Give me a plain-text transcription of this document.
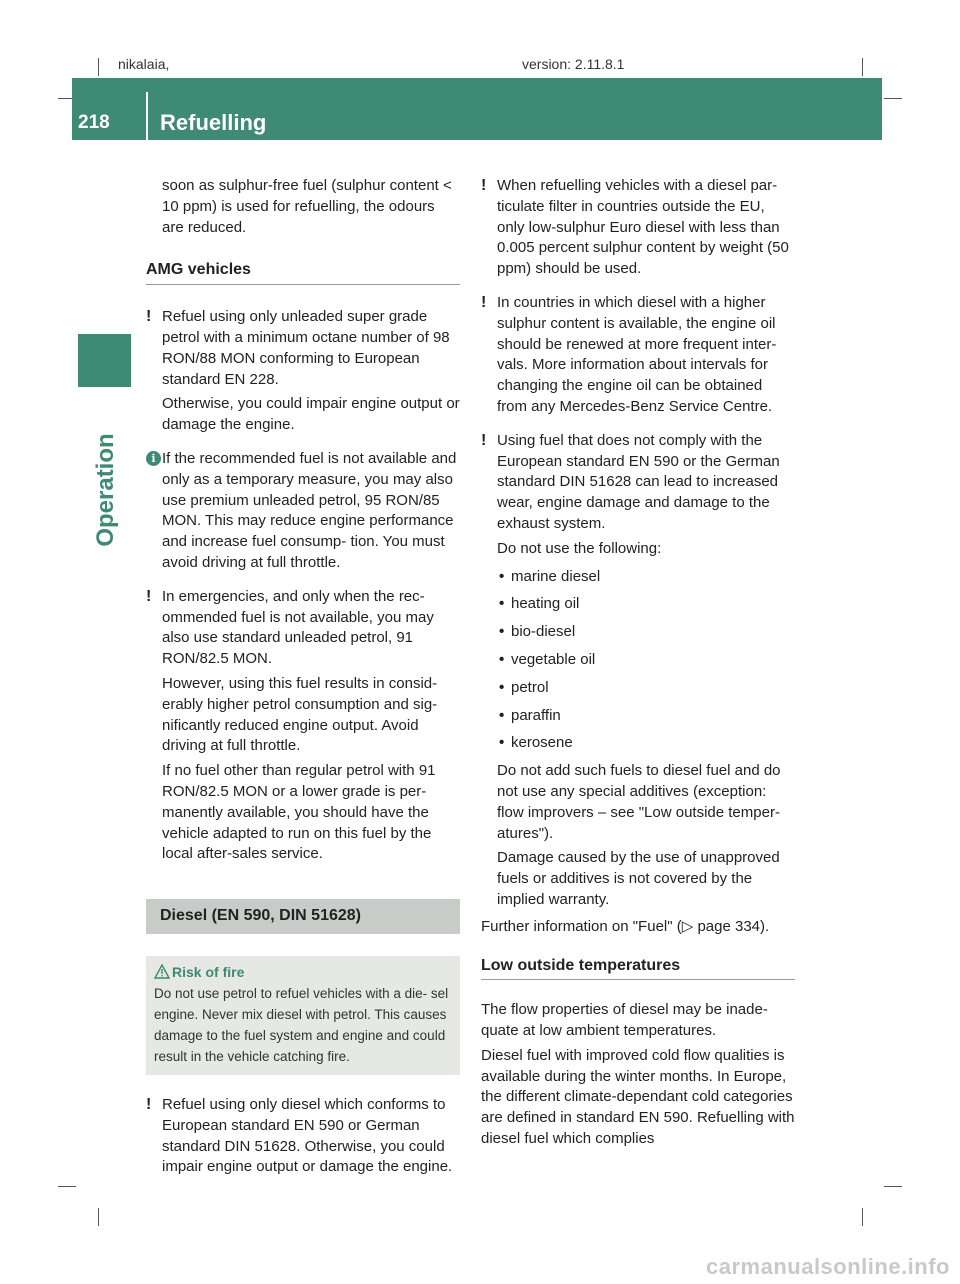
nikalaia,	version: 2.11.8.1
218	Refuelling
Operation

soon as sulphur-free fuel (sulphur content < 10 ppm) is used for refuelling, the odours are reduced.

AMG vehicles
! Refuel using only unleaded super grade petrol with a minimum octane number of 98 RON/88 MON conforming to European standard EN 228.

Otherwise, you could impair engine output or damage the engine.

i If the recommended fuel is not available and only as a temporary measure, you may also use premium unleaded petrol, 95 RON/85 MON. This may reduce engine performance and increase fuel consump- tion. You must avoid driving at full throttle.

! In emergencies, and only when the rec- ommended fuel is not available, you may also use standard unleaded petrol, 91 RON/82.5 MON.

However, using this fuel results in consid- erably higher petrol consumption and sig- nificantly reduced engine output. Avoid driving at full throttle.

If no fuel other than regular petrol with 91 RON/82.5 MON or a lower grade is per- manently available, you should have the vehicle adapted to run on this fuel by the local after-sales service.

Diesel (EN 590, DIN 51628)
Risk of fire

Do not use petrol to refuel vehicles with a die- sel engine. Never mix diesel with petrol. This causes damage to the fuel system and engine and could result in the vehicle catching fire.

! Refuel using only diesel which conforms to European standard EN 590 or German standard DIN 51628. Otherwise, you could impair engine output or damage the engine.

! When refuelling vehicles with a diesel par- ticulate filter in countries outside the EU, only low-sulphur Euro diesel with less than 0.005 percent sulphur content by weight (50 ppm) should be used.

! In countries in which diesel with a higher sulphur content is available, the engine oil should be renewed at more frequent inter- vals. More information about intervals for changing the engine oil can be obtained from any Mercedes-Benz Service Centre.

! Using fuel that does not comply with the European standard EN 590 or the German standard DIN 51628 can lead to increased wear, engine damage and damage to the exhaust system.

Do not use the following:

• marine diesel
• heating oil
• bio-diesel
• vegetable oil
• petrol
• paraffin
• kerosene

Do not add such fuels to diesel fuel and do not use any special additives (exception: flow improvers – see "Low outside temper- atures").

Damage caused by the use of unapproved fuels or additives is not covered by the implied warranty.

Further information on "Fuel" (▷ page 334).

Low outside temperatures

The flow properties of diesel may be inade- quate at low ambient temperatures.

Diesel fuel with improved cold flow qualities is available during the winter months. In Europe, the different climate-dependant cold categories are defined in standard EN 590. Refuelling with diesel fuel which complies

carmanualsonline.info
